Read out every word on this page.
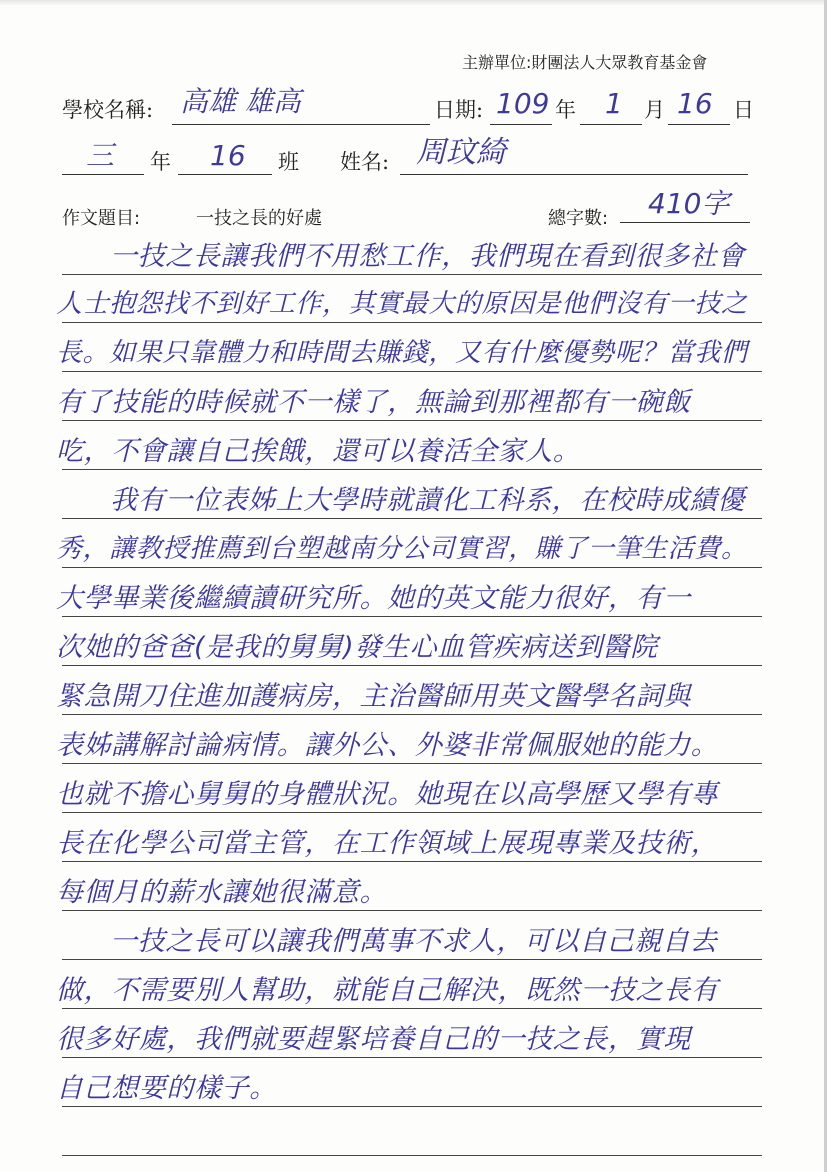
主辦單位:財團法人大眾教育基金會
學校名稱: 高雄 雄高	日期: 109 年 1 月 16 日
三 年 16 班 姓名: 周玟綺
作文題目:	一技之長的好處	總字數: 410字
一技之長讓我們不用愁工作，我們現在看到很多社會
人士抱怨找不到好工作，其實最大的原因是他們沒有一技之
長。如果只靠體力和時間去賺錢，又有什麼優勢呢？當我們
有了技能的時候就不一樣了，無論到那裡都有一碗飯
吃，不會讓自己挨餓，還可以養活全家人。
我有一位表姊上大學時就讀化工科系，在校時成績優
秀，讓教授推薦到台塑越南分公司實習，賺了一筆生活費。
大學畢業後繼續讀研究所。她的英文能力很好，有一
次她的爸爸(是我的舅舅)發生心血管疾病送到醫院
緊急開刀住進加護病房，主治醫師用英文醫學名詞與
表姊講解討論病情。讓外公、外婆非常佩服她的能力。
也就不擔心舅舅的身體狀況。她現在以高學歷又學有專
長在化學公司當主管，在工作領域上展現專業及技術，
每個月的薪水讓她很滿意。
一技之長可以讓我們萬事不求人，可以自己親自去
做，不需要別人幫助，就能自己解決，既然一技之長有
很多好處，我們就要趕緊培養自己的一技之長，實現
自己想要的樣子。
